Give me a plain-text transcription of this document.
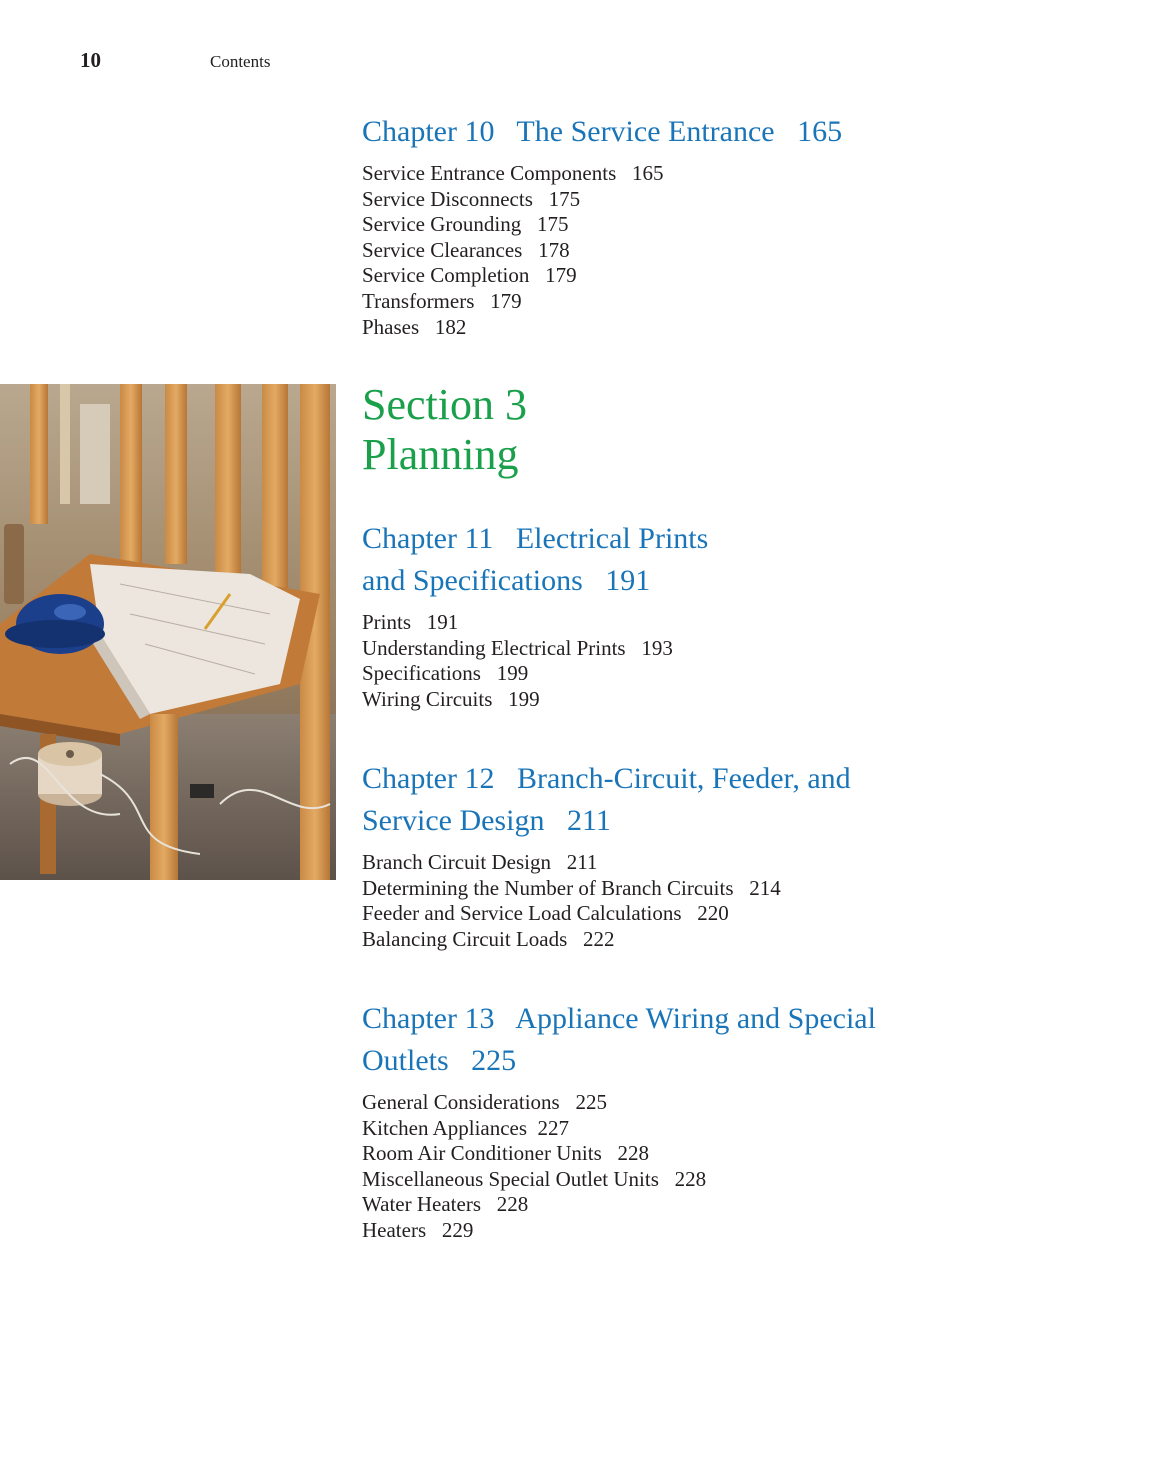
10	Contents
Chapter 10   The Service Entrance   165
Service Entrance Components   165
Service Disconnects   175
Service Grounding   175
Service Clearances   178
Service Completion   179
Transformers   179
Phases   182
Section 3
Planning
Chapter 11   Electrical Prints
and Specifications   191
Prints   191
Understanding Electrical Prints   193
Specifications   199
Wiring Circuits   199
Chapter 12   Branch-Circuit, Feeder, and
Service Design   211
Branch Circuit Design   211
Determining the Number of Branch Circuits   214
Feeder and Service Load Calculations   220
Balancing Circuit Loads   222
Chapter 13   Appliance Wiring and Special
Outlets   225
General Considerations   225
Kitchen Appliances  227
Room Air Conditioner Units   228
Miscellaneous Special Outlet Units   228
Water Heaters   228
Heaters   229
